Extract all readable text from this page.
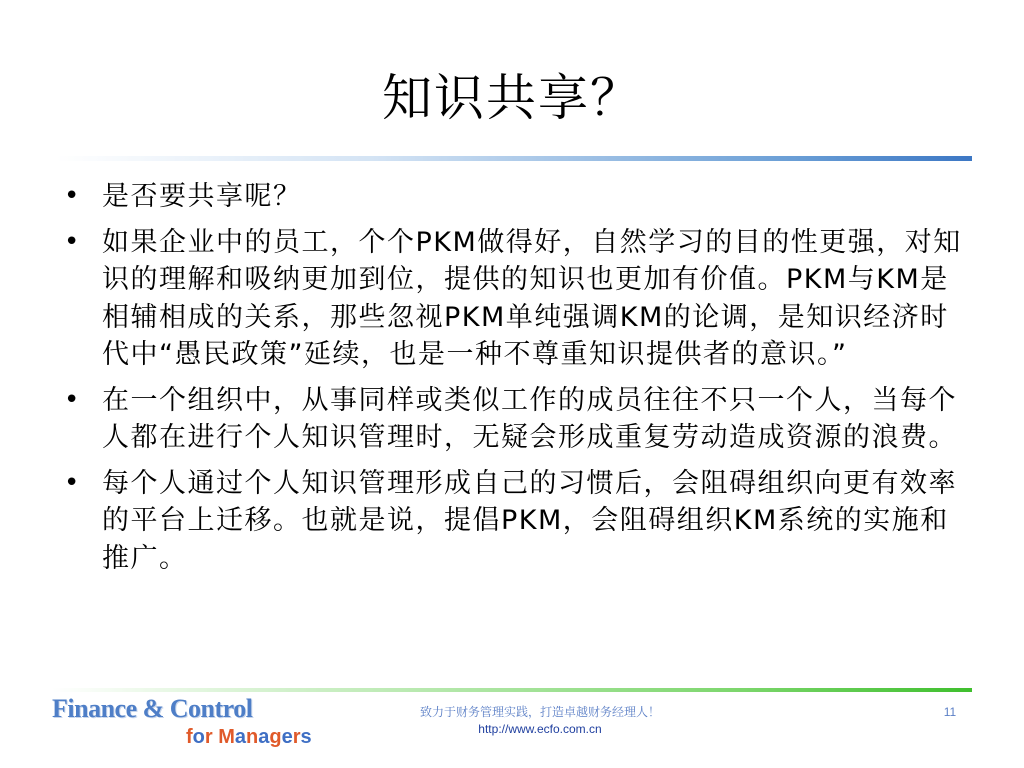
知识共享？
• 是否要共享呢？
• 如果企业中的员工，个个PKM做得好，自然学习的目的性更强，对知识的理解和吸纳更加到位，提供的知识也更加有价值。PKM与KM是相辅相成的关系，那些忽视PKM单纯强调KM的论调，是知识经济时代中“愚民政策”延续，也是一种不尊重知识提供者的意识。”
• 在一个组织中，从事同样或类似工作的成员往往不只一个人，当每个人都在进行个人知识管理时，无疑会形成重复劳动造成资源的浪费。
• 每个人通过个人知识管理形成自己的习惯后，会阻碍组织向更有效率的平台上迁移。也就是说，提倡PKM，会阻碍组织KM系统的实施和推广。
Finance & Control
for Managers
致力于财务管理实践，打造卓越财务经理人！
http://www.ecfo.com.cn
11
